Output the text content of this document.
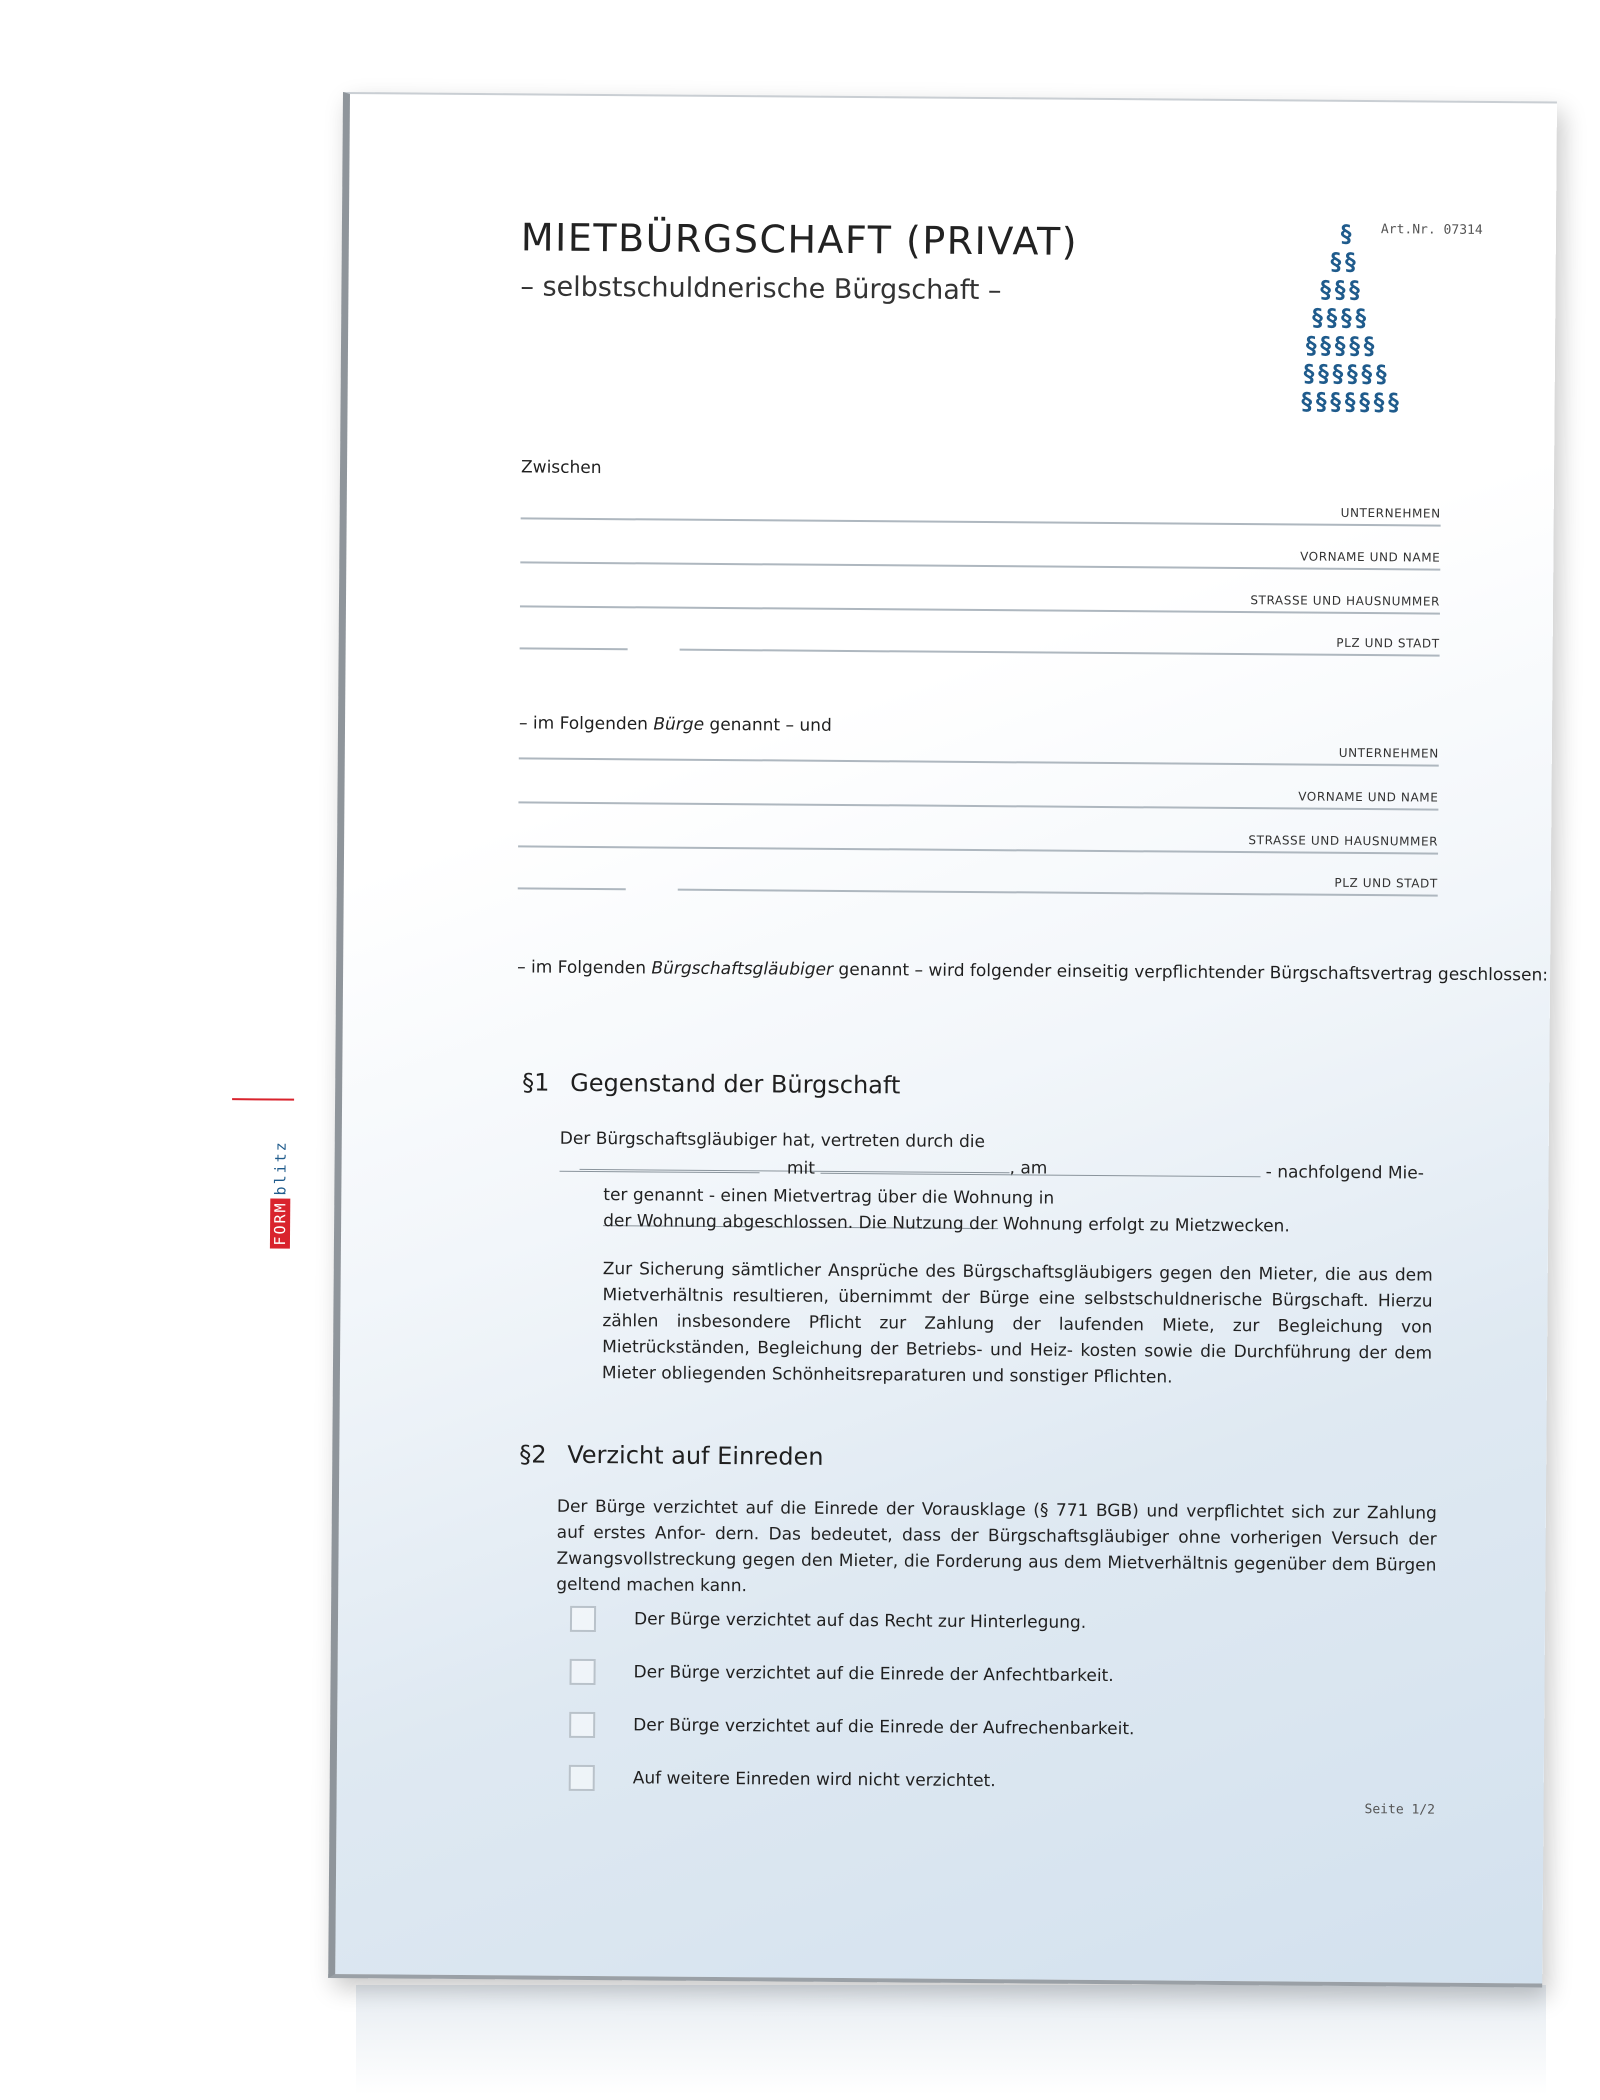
MIETBÜRGSCHAFT (PRIVAT)
– selbstschuldnerische Bürgschaft –
Art.Nr. 07314
§
§§
§§§
§§§§
§§§§§
§§§§§§
§§§§§§§
Zwischen
UNTERNEHMEN
VORNAME UND NAME
STRASSE UND HAUSNUMMER
PLZ UND STADT
– im Folgenden Bürge genannt – und
UNTERNEHMEN
VORNAME UND NAME
STRASSE UND HAUSNUMMER
PLZ UND STADT
– im Folgenden Bürgschaftsgläubiger genannt – wird folgender einseitig verpflichtender Bürgschaftsvertrag geschlossen:
FORMblitz
§1 Gegenstand der Bürgschaft
Der Bürgschaftsgläubiger hat, vertreten durch die , am
mit	- nachfolgend Mie-
ter genannt - einen Mietvertrag über die Wohnung in
der Wohnung abgeschlossen. Die Nutzung der Wohnung erfolgt zu Mietzwecken.
Zur Sicherung sämtlicher Ansprüche des Bürgschaftsgläubigers gegen den Mieter, die aus dem Mietverhältnis resultieren, übernimmt der Bürge eine selbstschuldnerische Bürgschaft. Hierzu zählen insbesondere Pflicht zur Zahlung der laufenden Miete, zur Begleichung von Mietrückständen, Begleichung der Betriebs- und Heiz- kosten sowie die Durchführung der dem Mieter obliegenden Schönheitsreparaturen und sonstiger Pflichten.
§2 Verzicht auf Einreden
Der Bürge verzichtet auf die Einrede der Vorausklage (§ 771 BGB) und verpflichtet sich zur Zahlung auf erstes Anfor- dern. Das bedeutet, dass der Bürgschaftsgläubiger ohne vorherigen Versuch der Zwangsvollstreckung gegen den Mieter, die Forderung aus dem Mietverhältnis gegenüber dem Bürgen geltend machen kann.
Der Bürge verzichtet auf das Recht zur Hinterlegung.
Der Bürge verzichtet auf die Einrede der Anfechtbarkeit.
Der Bürge verzichtet auf die Einrede der Aufrechenbarkeit.
Auf weitere Einreden wird nicht verzichtet.
Seite 1/2
